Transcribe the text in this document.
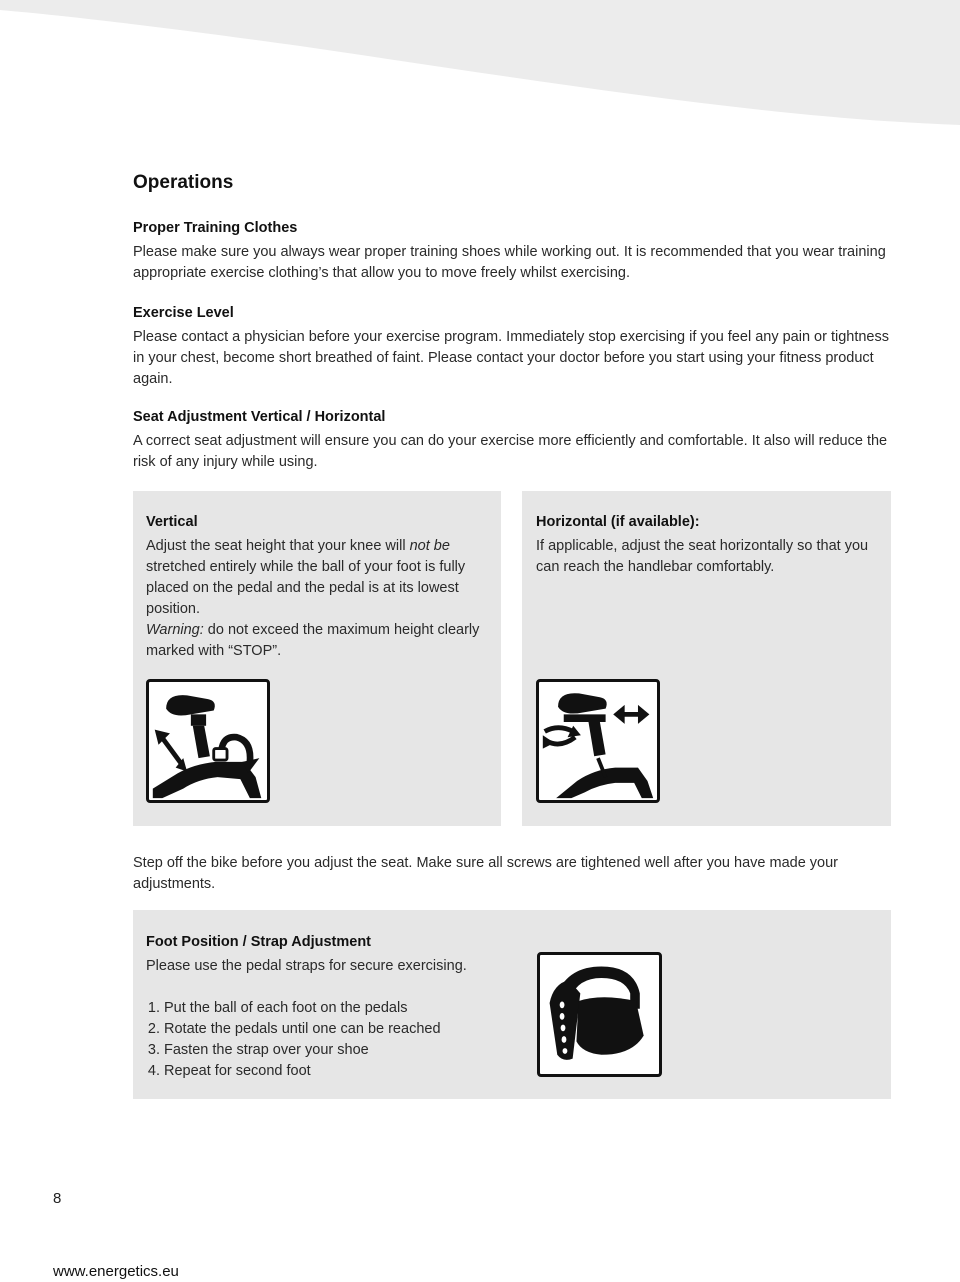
Operations
Proper Training Clothes

Please make sure you always wear proper training shoes while working out. It is recommended that you wear training appropriate exercise clothing’s that allow you to move freely whilst exercising.

Exercise Level

Please contact a physician before your exercise program. Immediately stop exercising if you feel any pain or tightness in your chest, become short breathed of faint. Please contact your doctor before you start using your fitness product again.

Seat Adjustment Vertical / Horizontal

A correct seat adjustment will ensure you can do your exercise more efficiently and comfortable. It also will reduce the risk of any injury while using.

Vertical

Adjust the seat height that your knee will not be stretched entirely while the ball of your foot is fully placed on the pedal and the pedal is at its lowest position.
Warning: do not exceed the maximum height clearly marked with “STOP”.

Horizontal (if available):

If applicable, adjust the seat horizontally so that you can reach the handlebar comfortably.

Step off the bike before you adjust the seat. Make sure all screws are tightened well after you have made your adjustments.

Foot Position / Strap Adjustment

Please use the pedal straps for secure exercising.

1. Put the ball of each foot on the pedals
2. Rotate the pedals until one can be reached
3. Fasten the strap over your shoe
4. Repeat for second foot
8
www.energetics.eu
